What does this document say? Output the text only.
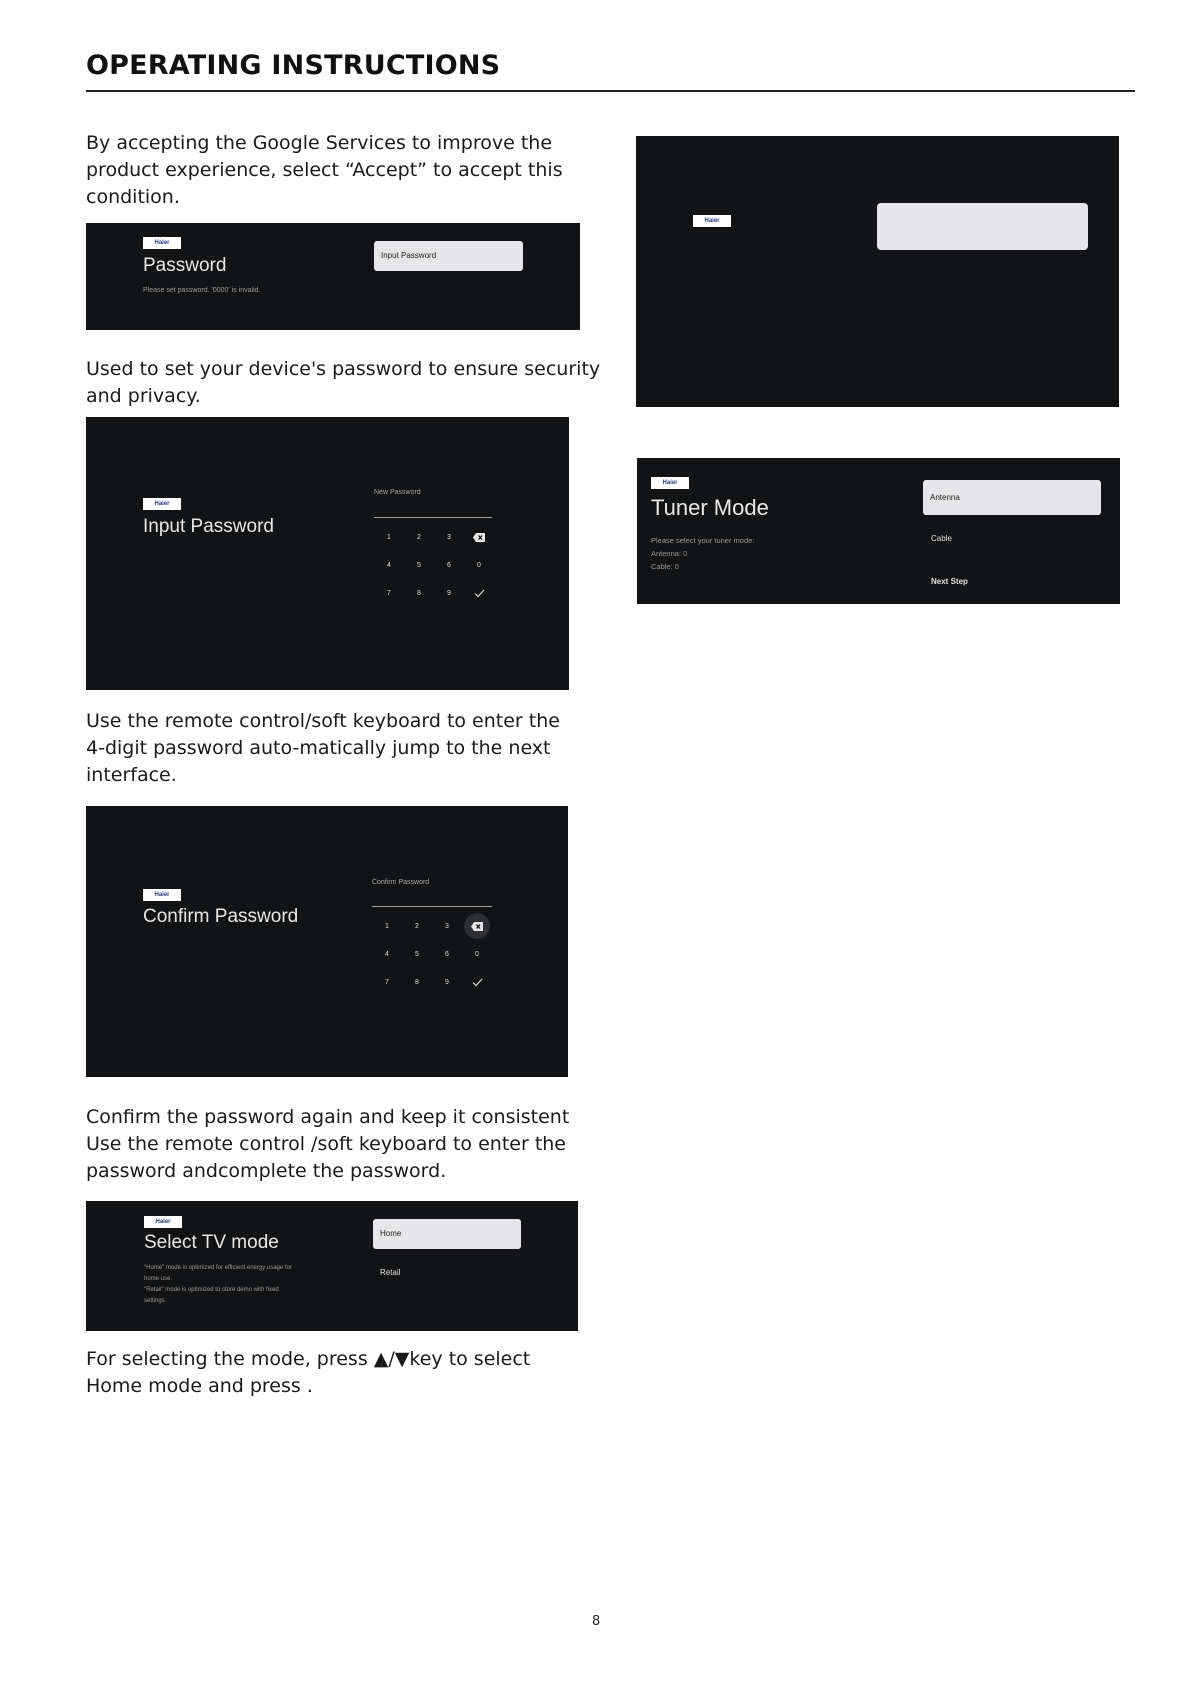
OPERATING INSTRUCTIONS

By accepting the Google Services to improve the
product experience, select “Accept” to accept this
condition.

Haier
Password
Please set password. '0000' is invalid.
Input Password

Used to set your device's password to ensure security
and privacy.

Haier
Input Password
New Password
1	2	3
4	5	6	0
7	8	9

Use the remote control/soft keyboard to enter the
4-digit password auto-matically jump to the next
interface.

Haier
Confirm Password
Confirm Password
1	2	3
4	5	6	0
7	8	9

Confirm the password again and keep it consistent
Use the remote control /soft keyboard to enter the
password andcomplete the password.

Haier
Select TV mode
"Home" mode is optimized for efficient energy usage for
home use.
"Retail" mode is optimized to store demo with fixed
settings.
Home
Retail

For selecting the mode, press ▲/▼key to select
Home mode and press .

Haier
Haier
Tuner Mode
Please select your tuner mode:
Antenna: 0
Cable: 0
Antenna
Cable
Next Step
8
